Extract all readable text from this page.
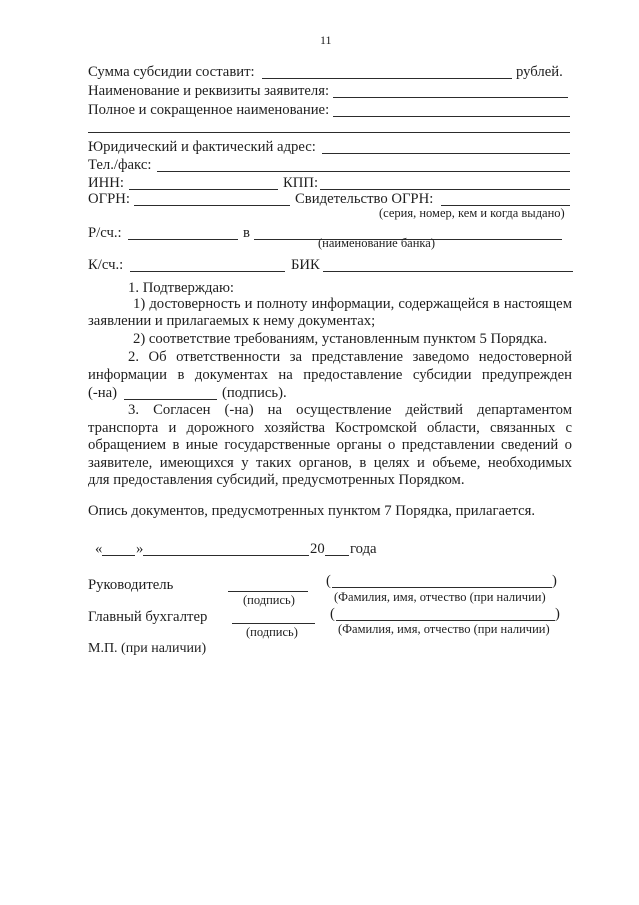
11
Сумма субсидии составит:	рублей.
Наименование и реквизиты заявителя:
Полное и сокращенное наименование:
Юридический и фактический адрес:
Тел./факс:
ИНН:	КПП:
ОГРН:	Свидетельство ОГРН:
(серия, номер, кем и когда выдано)
Р/сч.:	в
(наименование банка)
К/сч.:	БИК
1. Подтверждаю:
1) достоверность и полноту информации, содержащейся в настоящем
заявлении и прилагаемых к нему документах;
2) соответствие требованиям, установленным пунктом 5 Порядка.
2. Об ответственности за представление заведомо недостоверной
информации в документах на предоставление субсидии предупрежден
(-на)	(подпись).
3. Согласен (-на) на осуществление действий департаментом
транспорта и дорожного хозяйства Костромской области, связанных с
обращением в иные государственные органы о представлении сведений о
заявителе, имеющихся у таких органов, в целях и объеме, необходимых
для предоставления субсидий, предусмотренных Порядком.
Опись документов, предусмотренных пунктом 7 Порядка, прилагается.
« »	20 года
Руководитель
(подпись)
(	)
(Фамилия, имя, отчество (при наличии)
Главный бухгалтер
(подпись)
(	)
(Фамилия, имя, отчество (при наличии)
М.П. (при наличии)
